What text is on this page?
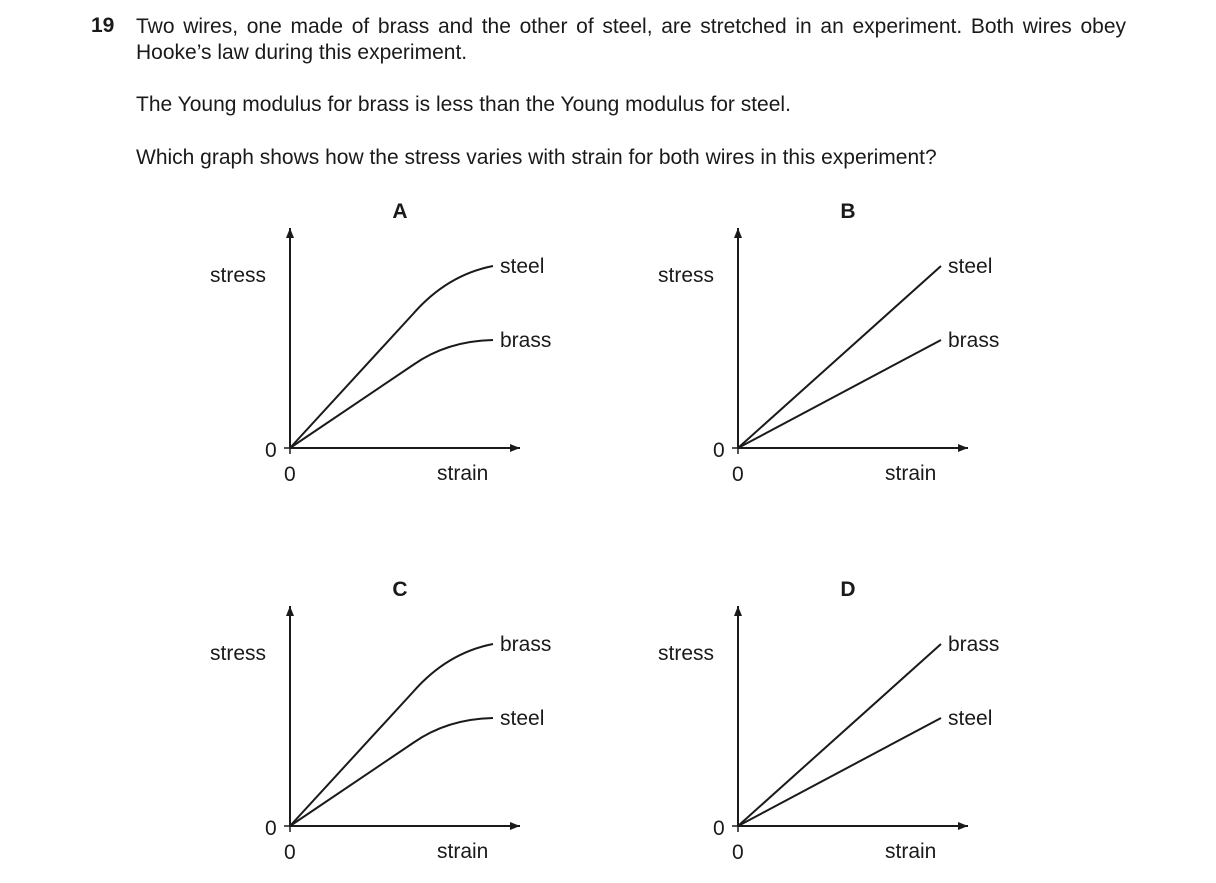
19 Two wires, one made of brass and the other of steel, are stretched in an experiment. Both wires obey Hooke’s law during this experiment.

The Young modulus for brass is less than the Young modulus for steel.
Which graph shows how the stress varies with strain for both wires in this experiment?
A
stress
strain
0
0
steel
brass
B
stress
strain
0
0
steel
brass
C
stress
strain
0
0
brass
steel
D
stress
strain
0
0
brass
steel
